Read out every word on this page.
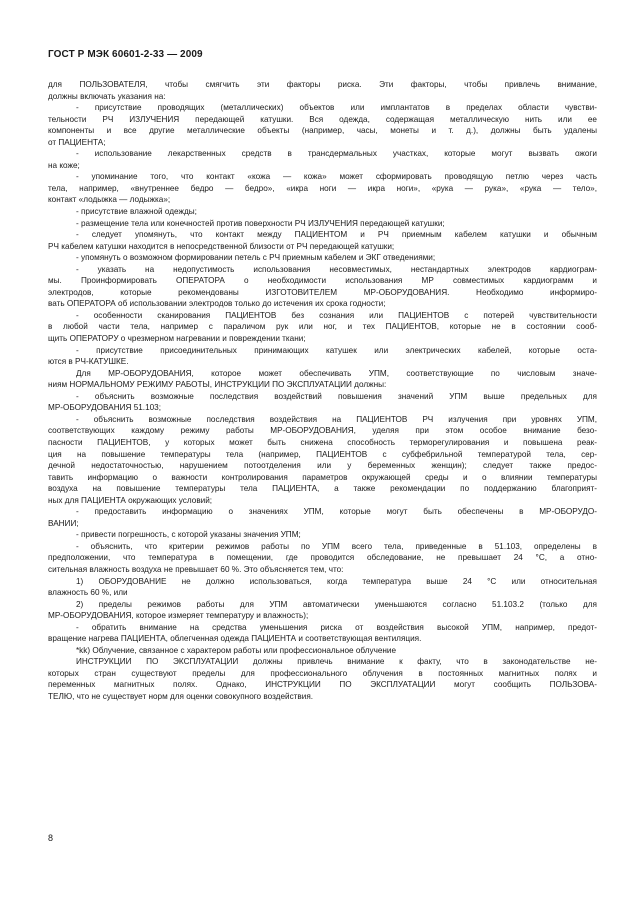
ГОСТ Р МЭК 60601-2-33 — 2009
для ПОЛЬЗОВАТЕЛЯ, чтобы смягчить эти факторы риска. Эти факторы, чтобы привлечь внимание,
должны включать указания на:
- присутствие проводящих (металлических) объектов или имплантатов в пределах области чувстви-
тельности РЧ ИЗЛУЧЕНИЯ передающей катушки. Вся одежда, содержащая металлическую нить или ее
компоненты и все другие металлические объекты (например, часы, монеты и т. д.), должны быть удалены
от ПАЦИЕНТА;
- использование лекарственных средств в трансдермальных участках, которые могут вызвать ожоги
на коже;
- упоминание того, что контакт «кожа — кожа» может сформировать проводящую петлю через часть
тела, например, «внутреннее бедро — бедро», «икра ноги — икра ноги», «рука — рука», «рука — тело»,
контакт «лодыжка — лодыжка»;
- присутствие влажной одежды;
- размещение тела или конечностей против поверхности РЧ ИЗЛУЧЕНИЯ передающей катушки;
- следует упомянуть, что контакт между ПАЦИЕНТОМ и РЧ приемным кабелем катушки и обычным
РЧ кабелем катушки находится в непосредственной близости от РЧ передающей катушки;
- упомянуть о возможном формировании петель с РЧ приемным кабелем и ЭКГ отведениями;
- указать на недопустимость использования несовместимых, нестандартных электродов кардиограм-
мы. Проинформировать ОПЕРАТОРА о необходимости использования МР совместимых кардиограмм и
электродов, которые рекомендованы ИЗГОТОВИТЕЛЕМ МР-ОБОРУДОВАНИЯ. Необходимо информиро-
вать ОПЕРАТОРА об использовании электродов только до истечения их срока годности;
- особенности сканирования ПАЦИЕНТОВ без сознания или ПАЦИЕНТОВ с потерей чувствительности
в любой части тела, например с параличом рук или ног, и тех ПАЦИЕНТОВ, которые не в состоянии сооб-
щить ОПЕРАТОРУ о чрезмерном нагревании и повреждении ткани;
- присутствие присоединительных принимающих катушек или электрических кабелей, которые оста-
ются в РЧ-КАТУШКЕ.
Для МР-ОБОРУДОВАНИЯ, которое может обеспечивать УПМ, соответствующие по числовым значе-
ниям НОРМАЛЬНОМУ РЕЖИМУ РАБОТЫ, ИНСТРУКЦИИ ПО ЭКСПЛУАТАЦИИ должны:
- объяснить возможные последствия воздействий повышения значений УПМ выше предельных для
МР-ОБОРУДОВАНИЯ 51.103;
- объяснить возможные последствия воздействия на ПАЦИЕНТОВ РЧ излучения при уровнях УПМ,
соответствующих каждому режиму работы МР-ОБОРУДОВАНИЯ, уделяя при этом особое внимание безо-
пасности ПАЦИЕНТОВ, у которых может быть снижена способность терморегулирования и повышена реак-
ция на повышение температуры тела (например, ПАЦИЕНТОВ с субфебрильной температурой тела, сер-
дечной недостаточностью, нарушением потоотделения или у беременных женщин); следует также предос-
тавить информацию о важности контролирования параметров окружающей среды и о влиянии температуры
воздуха на повышение температуры тела ПАЦИЕНТА, а также рекомендации по поддержанию благоприят-
ных для ПАЦИЕНТА окружающих условий;
- предоставить информацию о значениях УПМ, которые могут быть обеспечены в МР-ОБОРУДО-
ВАНИИ;
- привести погрешность, с которой указаны значения УПМ;
- объяснить, что критерии режимов работы по УПМ всего тела, приведенные в 51.103, определены в
предположении, что температура в помещении, где проводится обследование, не превышает 24 °С, а отно-
сительная влажность воздуха не превышает 60 %. Это объясняется тем, что:
1) ОБОРУДОВАНИЕ не должно использоваться, когда температура выше 24 °С или относительная
влажность 60 %, или
2) пределы режимов работы для УПМ автоматически уменьшаются согласно 51.103.2 (только для
МР-ОБОРУДОВАНИЯ, которое измеряет температуру и влажность);
- обратить внимание на средства уменьшения риска от воздействия высокой УПМ, например, предот-
вращение нагрева ПАЦИЕНТА, облегченная одежда ПАЦИЕНТА и соответствующая вентиляция.
*kk) Облучение, связанное с характером работы или профессиональное облучение
ИНСТРУКЦИИ ПО ЭКСПЛУАТАЦИИ должны привлечь внимание к факту, что в законодательстве не-
которых стран существуют пределы для профессионального облучения в постоянных магнитных полях и
переменных магнитных полях. Однако, ИНСТРУКЦИИ ПО ЭКСПЛУАТАЦИИ могут сообщить ПОЛЬЗОВА-
ТЕЛЮ, что не существует норм для оценки совокупного воздействия.
8
